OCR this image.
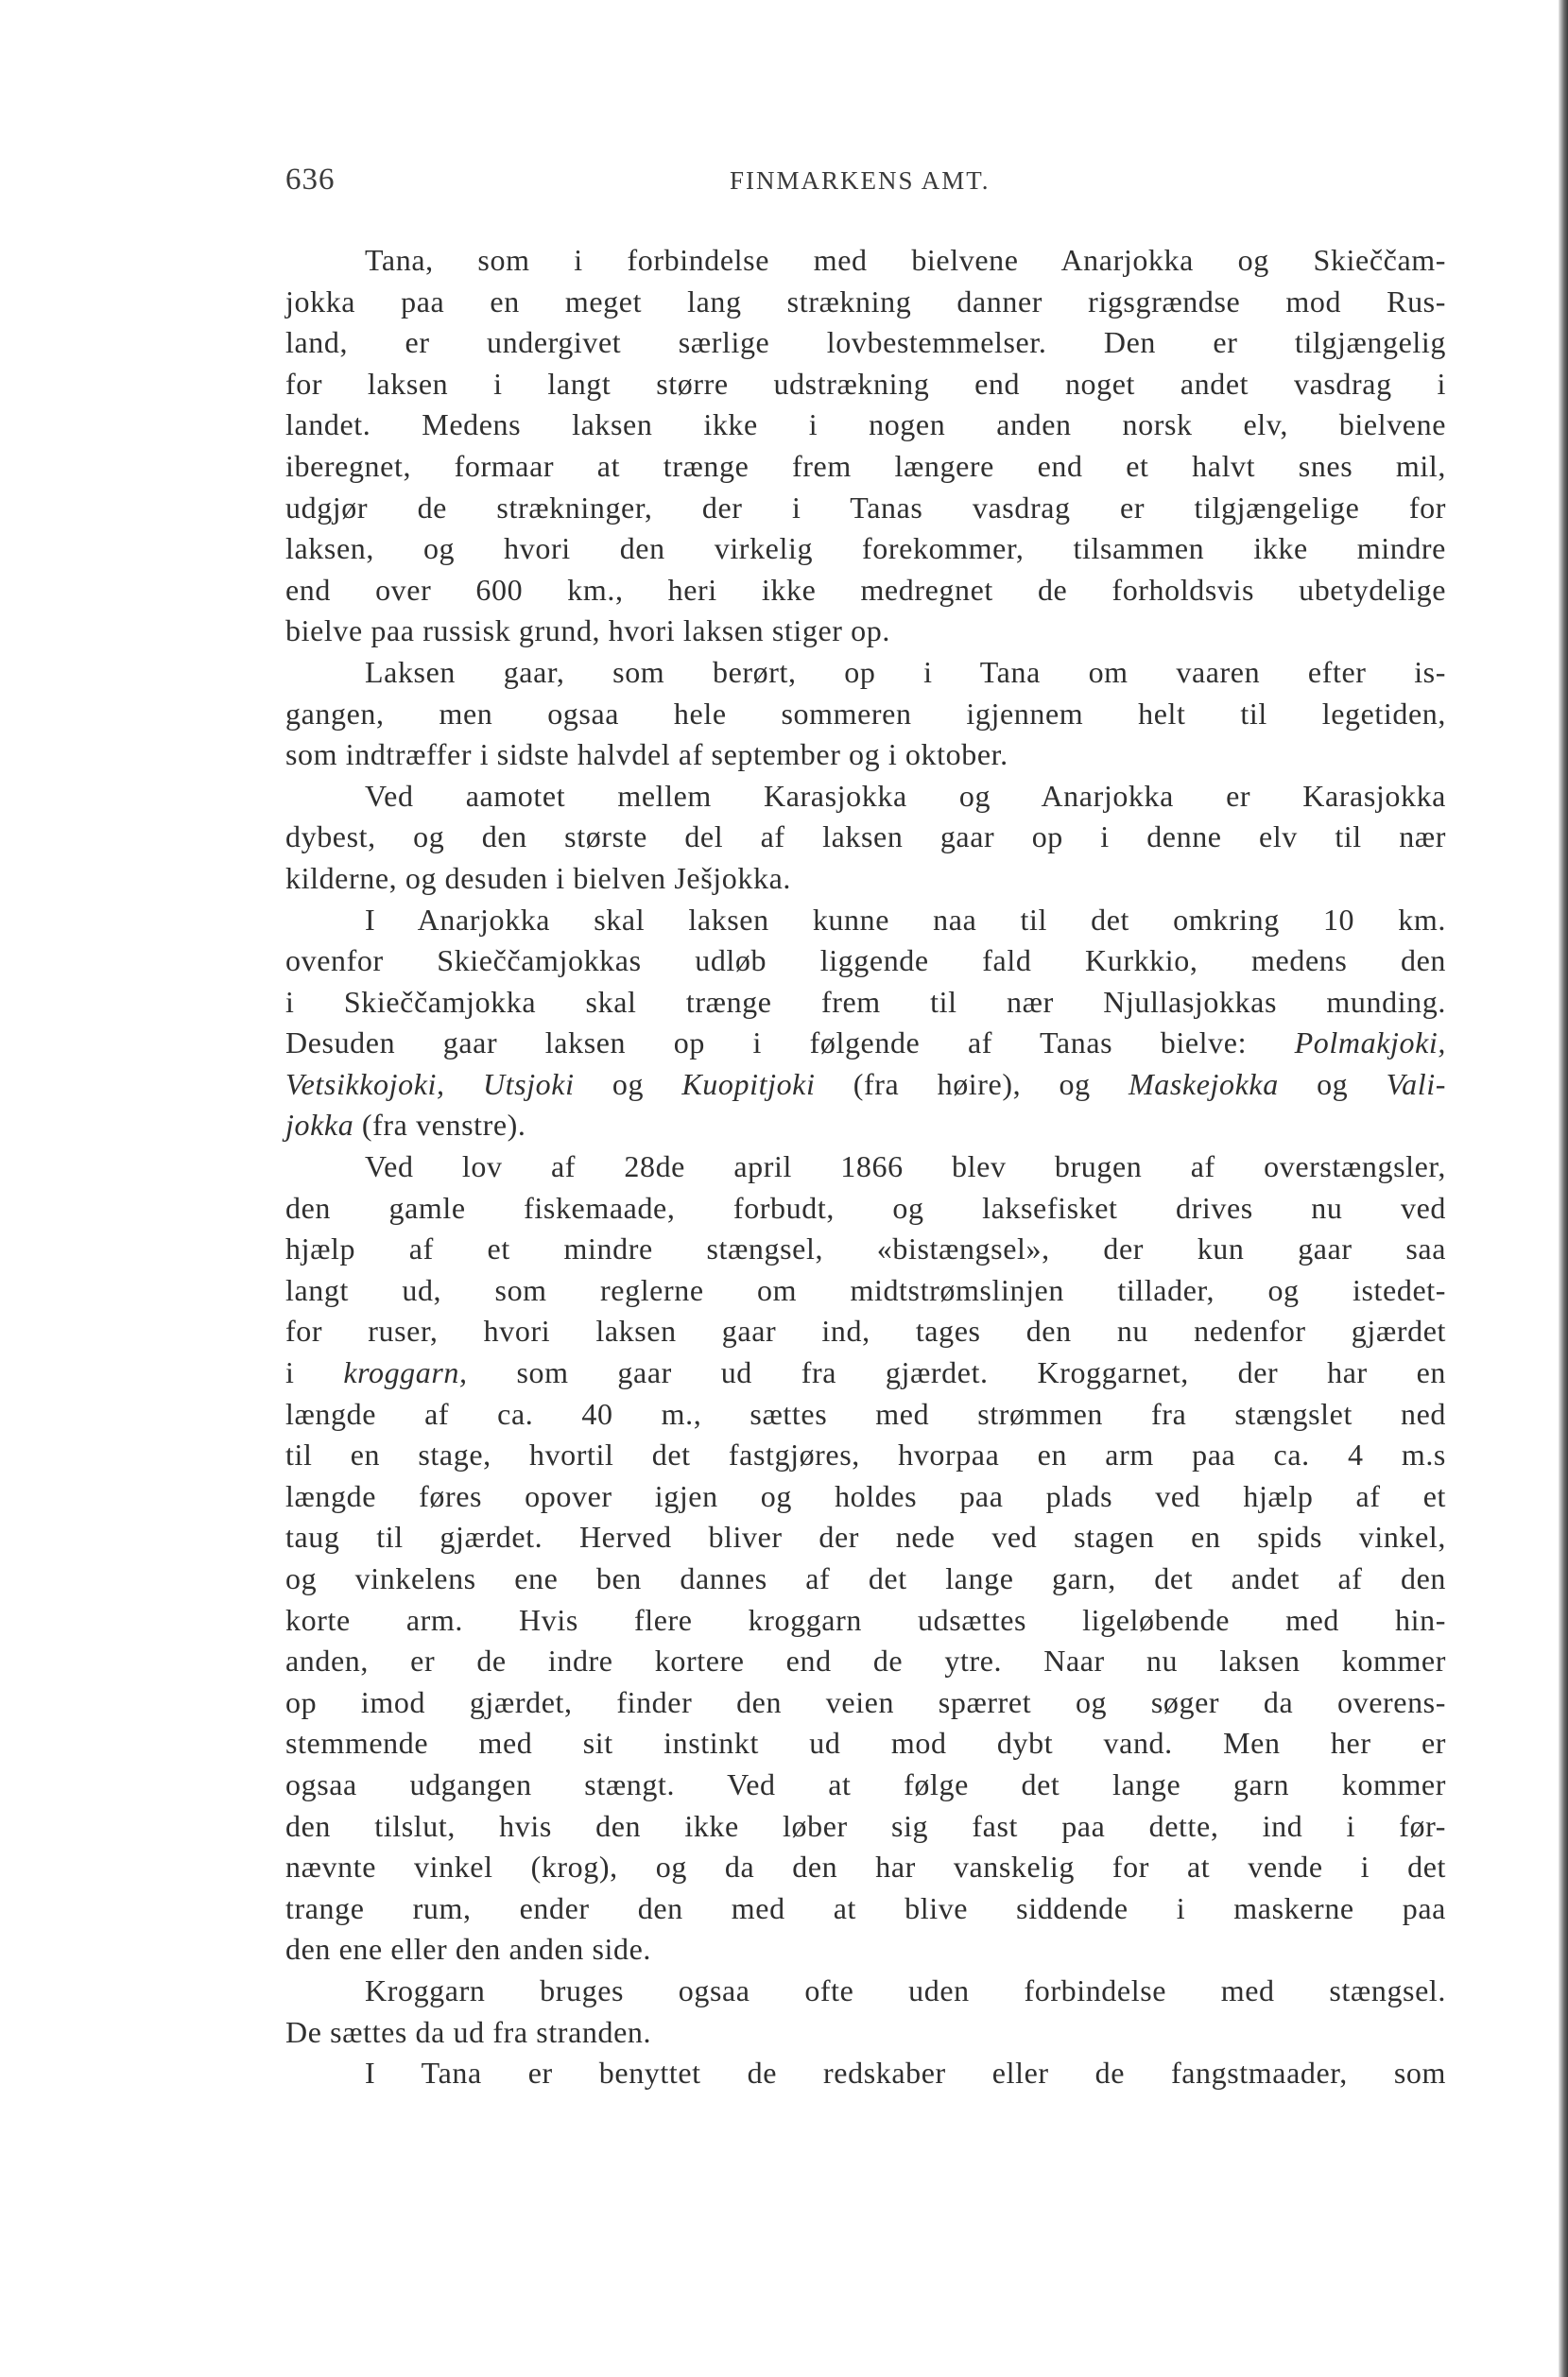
636	FINMARKENS AMT.
Tana, som i forbindelse med bielvene Anarjokka og Skieččam-
jokka paa en meget lang strækning danner rigsgrændse mod Rus-
land, er undergivet særlige lovbestemmelser. Den er tilgjængelig
for laksen i langt større udstrækning end noget andet vasdrag i
landet. Medens laksen ikke i nogen anden norsk elv, bielvene
iberegnet, formaar at trænge frem længere end et halvt snes mil,
udgjør de strækninger, der i Tanas vasdrag er tilgjængelige for
laksen, og hvori den virkelig forekommer, tilsammen ikke mindre
end over 600 km., heri ikke medregnet de forholdsvis ubetydelige
bielve paa russisk grund, hvori laksen stiger op.
Laksen gaar, som berørt, op i Tana om vaaren efter is-
gangen, men ogsaa hele sommeren igjennem helt til legetiden,
som indtræffer i sidste halvdel af september og i oktober.
Ved aamotet mellem Karasjokka og Anarjokka er Karasjokka
dybest, og den største del af laksen gaar op i denne elv til nær
kilderne, og desuden i bielven Ješjokka.
I Anarjokka skal laksen kunne naa til det omkring 10 km.
ovenfor Skieččamjokkas udløb liggende fald Kurkkio, medens den
i Skieččamjokka skal trænge frem til nær Njullasjokkas munding.
Desuden gaar laksen op i følgende af Tanas bielve: Polmakjoki,
Vetsikkojoki, Utsjoki og Kuopitjoki (fra høire), og Maskejokka og Vali-
jokka (fra venstre).
Ved lov af 28de april 1866 blev brugen af overstængsler,
den gamle fiskemaade, forbudt, og laksefisket drives nu ved
hjælp af et mindre stængsel, «bistængsel», der kun gaar saa
langt ud, som reglerne om midtstrømslinjen tillader, og istedet-
for ruser, hvori laksen gaar ind, tages den nu nedenfor gjærdet
i kroggarn, som gaar ud fra gjærdet. Kroggarnet, der har en
længde af ca. 40 m., sættes med strømmen fra stængslet ned
til en stage, hvortil det fastgjøres, hvorpaa en arm paa ca. 4 m.s
længde føres opover igjen og holdes paa plads ved hjælp af et
taug til gjærdet. Herved bliver der nede ved stagen en spids vinkel,
og vinkelens ene ben dannes af det lange garn, det andet af den
korte arm. Hvis flere kroggarn udsættes ligeløbende med hin-
anden, er de indre kortere end de ytre. Naar nu laksen kommer
op imod gjærdet, finder den veien spærret og søger da overens-
stemmende med sit instinkt ud mod dybt vand. Men her er
ogsaa udgangen stængt. Ved at følge det lange garn kommer
den tilslut, hvis den ikke løber sig fast paa dette, ind i før-
nævnte vinkel (krog), og da den har vanskelig for at vende i det
trange rum, ender den med at blive siddende i maskerne paa
den ene eller den anden side.
Kroggarn bruges ogsaa ofte uden forbindelse med stængsel.
De sættes da ud fra stranden.
I Tana er benyttet de redskaber eller de fangstmaader, som
